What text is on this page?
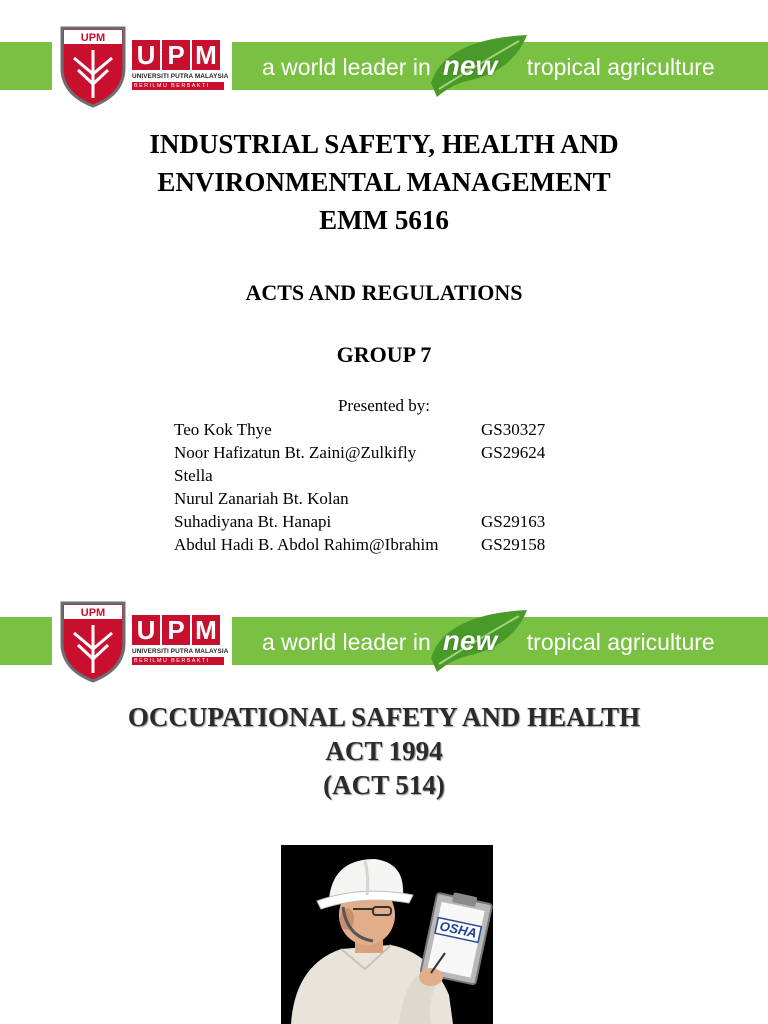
UPM
U P M
UNIVERSITI PUTRA MALAYSIA
BERILMU BERBAKTI
a world leader in new tropical agriculture
INDUSTRIAL SAFETY, HEALTH AND
ENVIRONMENTAL MANAGEMENT
EMM 5616
ACTS AND REGULATIONS
GROUP 7
Presented by:
Teo Kok Thye	GS30327
Noor Hafizatun Bt. Zaini@Zulkifly	GS29624
Stella
Nurul Zanariah Bt. Kolan
Suhadiyana Bt. Hanapi	GS29163
Abdul Hadi B. Abdol Rahim@Ibrahim	GS29158
UPM
U P M
UNIVERSITI PUTRA MALAYSIA
BERILMU BERBAKTI
a world leader in new tropical agriculture
OCCUPATIONAL SAFETY AND HEALTH
ACT 1994
(ACT 514)
OSHA
